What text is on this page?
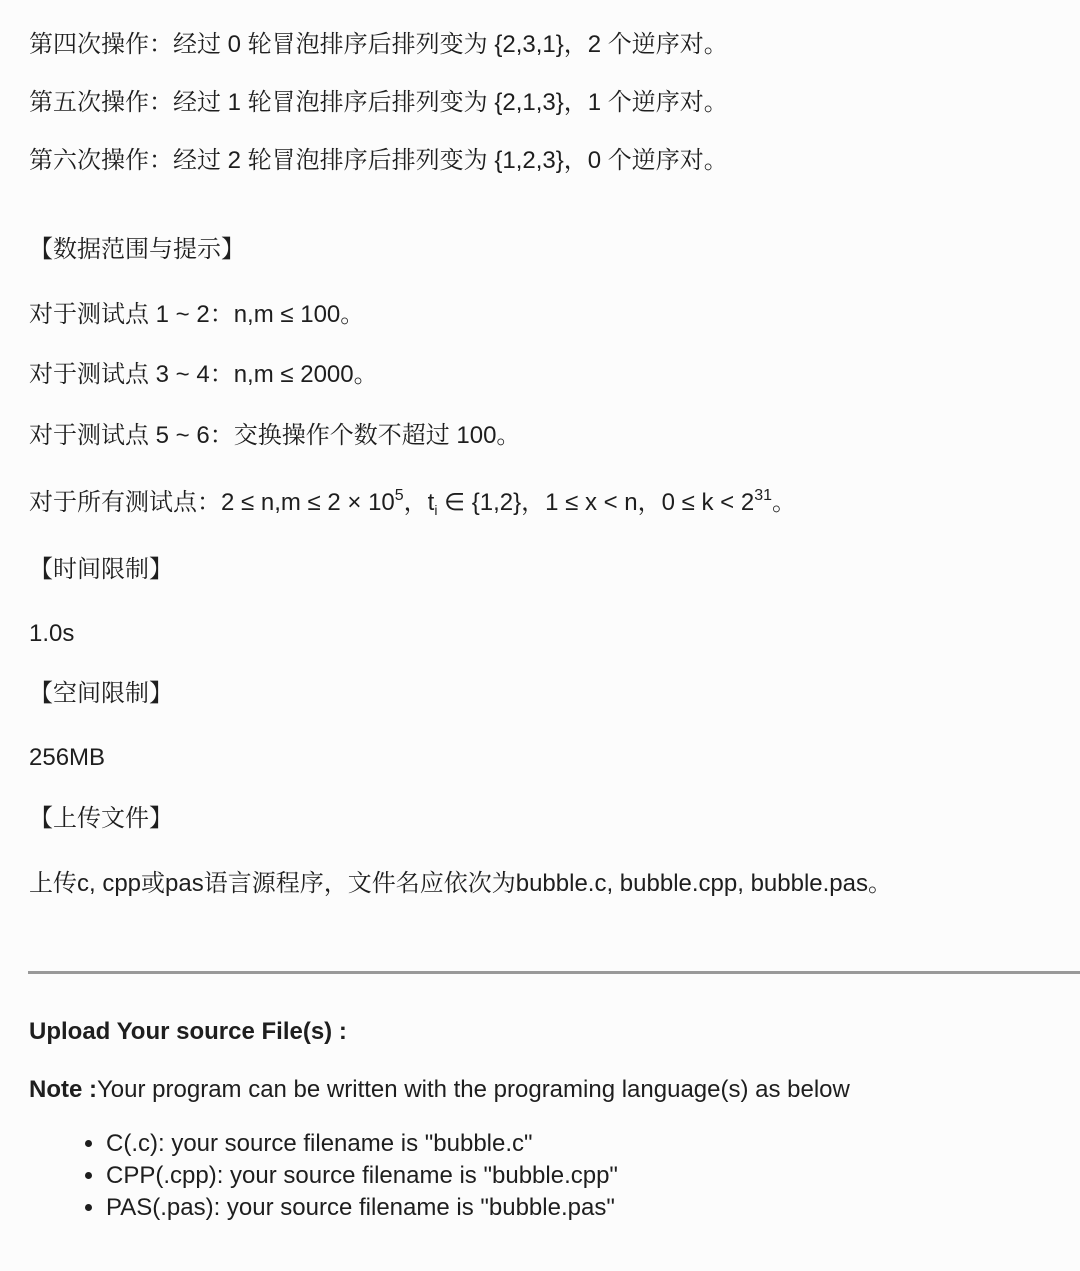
第四次操作：经过 0 轮冒泡排序后排列变为 {2,3,1}，2 个逆序对。
第五次操作：经过 1 轮冒泡排序后排列变为 {2,1,3}，1 个逆序对。
第六次操作：经过 2 轮冒泡排序后排列变为 {1,2,3}，0 个逆序对。
【数据范围与提示】
对于测试点 1 ~ 2：n,m ≤ 100。
对于测试点 3 ~ 4：n,m ≤ 2000。
对于测试点 5 ~ 6：交换操作个数不超过 100。
对于所有测试点：$2 \le n,m \le 2 \times 10^5$，$t_i$ ∈ {1,2}，1 ≤ x < n，$0 \le k < 2^{31}$。
【时间限制】
1.0s
【空间限制】
256MB
【上传文件】
上传c, cpp或pas语言源程序，文件名应依次为bubble.c, bubble.cpp, bubble.pas。
Upload Your source File(s) :
Note :Your program can be written with the programing language(s) as below
• C(.c): your source filename is "bubble.c"
• CPP(.cpp): your source filename is "bubble.cpp"
• PAS(.pas): your source filename is "bubble.pas"
